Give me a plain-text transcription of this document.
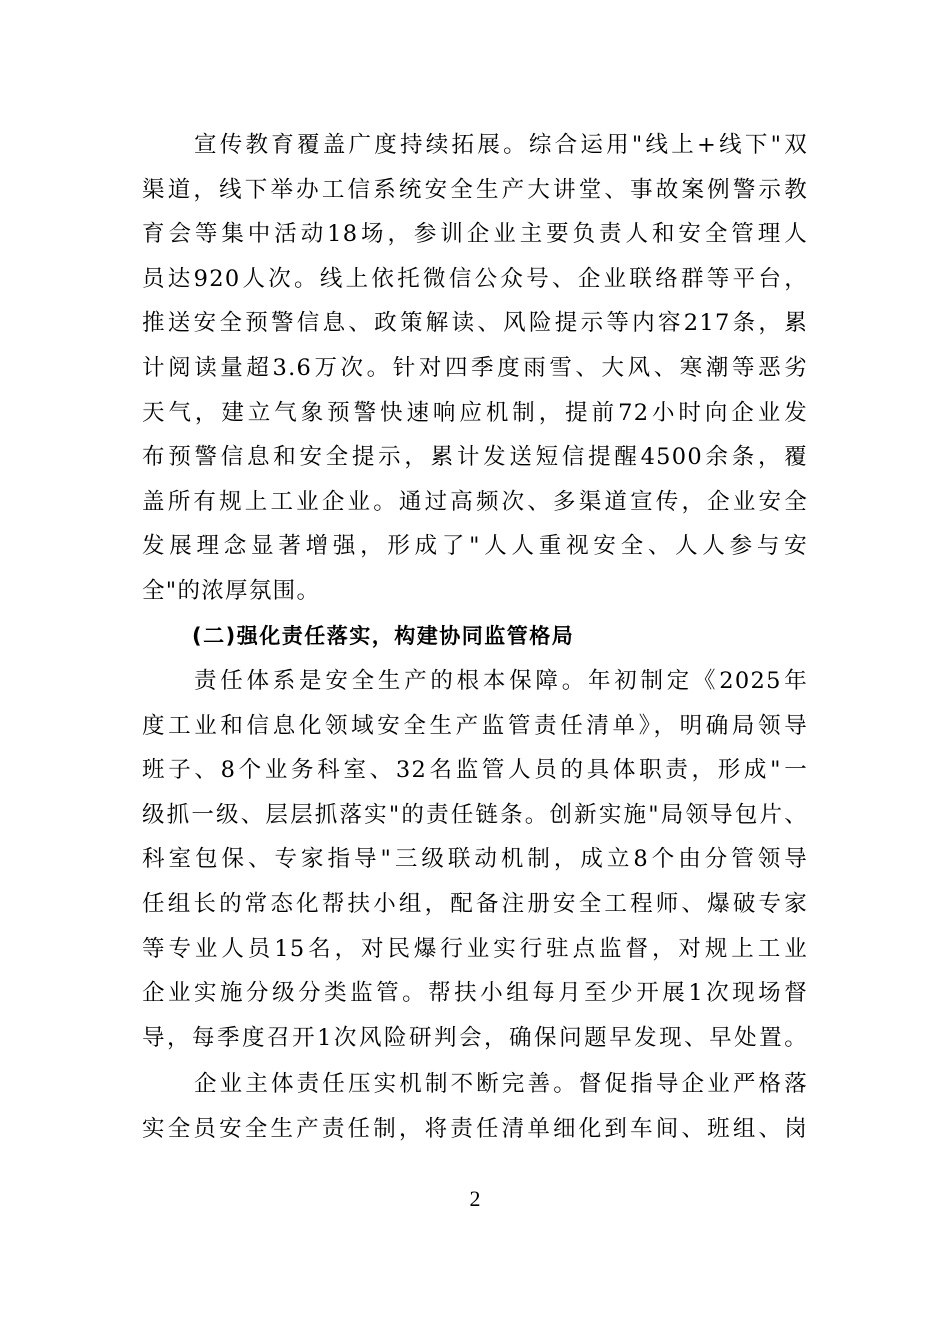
宣传教育覆盖广度持续拓展。综合运用"线上+线下"双
渠道，线下举办工信系统安全生产大讲堂、事故案例警示教
育会等集中活动18场，参训企业主要负责人和安全管理人
员达920人次。线上依托微信公众号、企业联络群等平台，
推送安全预警信息、政策解读、风险提示等内容217条，累
计阅读量超3.6万次。针对四季度雨雪、大风、寒潮等恶劣
天气，建立气象预警快速响应机制，提前72小时向企业发
布预警信息和安全提示，累计发送短信提醒4500余条，覆
盖所有规上工业企业。通过高频次、多渠道宣传，企业安全
发展理念显著增强，形成了"人人重视安全、人人参与安
全"的浓厚氛围。
(二)强化责任落实，构建协同监管格局
责任体系是安全生产的根本保障。年初制定《2025年
度工业和信息化领域安全生产监管责任清单》，明确局领导
班子、8个业务科室、32名监管人员的具体职责，形成"一
级抓一级、层层抓落实"的责任链条。创新实施"局领导包片、
科室包保、专家指导"三级联动机制，成立8个由分管领导
任组长的常态化帮扶小组，配备注册安全工程师、爆破专家
等专业人员15名，对民爆行业实行驻点监督，对规上工业
企业实施分级分类监管。帮扶小组每月至少开展1次现场督
导，每季度召开1次风险研判会，确保问题早发现、早处置。
企业主体责任压实机制不断完善。督促指导企业严格落
实全员安全生产责任制，将责任清单细化到车间、班组、岗
2
